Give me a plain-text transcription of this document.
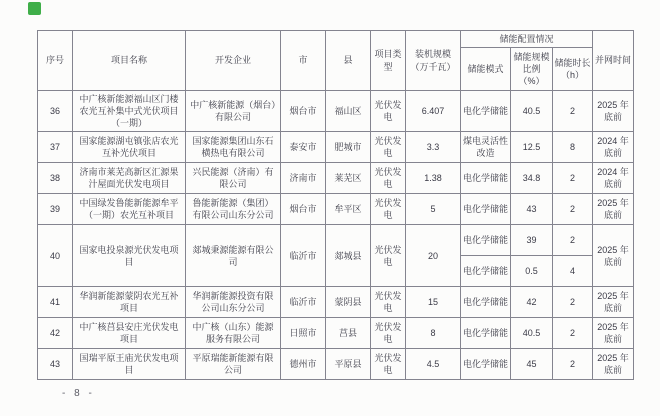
序号	项目名称	开发企业	市	县	项目类型	装机规模（万千瓦）	储能配置情况			并网时间
							储能模式	储能规模比例（%）	储能时长（h）	
36	中广核新能源福山区门楼农光互补集中式光伏项目（一期）	中广核新能源（烟台）有限公司	烟台市	福山区	光伏发电	6.407	电化学储能	40.5	2	2025 年底前
37	国家能源湖屯镇张店农光互补光伏项目	国家能源集团山东石横热电有限公司	泰安市	肥城市	光伏发电	3.3	煤电灵活性改造	12.5	8	2024 年底前
38	济南市莱芜高新区汇源果汁屋面光伏发电项目	兴民能源（济南）有限公司	济南市	莱芜区	光伏发电	1.38	电化学储能	34.8	2	2024 年底前
39	中国绿发鲁能新能源牟平（一期）农光互补项目	鲁能新能源（集团）有限公司山东分公司	烟台市	牟平区	光伏发电	5	电化学储能	43	2	2025 年底前
40	国家电投泉源光伏发电项目	郯城秉源能源有限公司	临沂市	郯城县	光伏发电	20	电化学储能	39	2	2025 年底前
							电化学储能	0.5	4	
41	华润新能源蒙阴农光互补项目	华润新能源投资有限公司山东分公司	临沂市	蒙阴县	光伏发电	15	电化学储能	42	2	2025 年底前
42	中广核莒县安庄光伏发电项目	中广核（山东）能源服务有限公司	日照市	莒县	光伏发电	8	电化学储能	40.5	2	2025 年底前
43	国瑞平原王庙光伏发电项目	平原瑞能新能源有限公司	德州市	平原县	光伏发电	4.5	电化学储能	45	2	2025 年底前
- 8 -
